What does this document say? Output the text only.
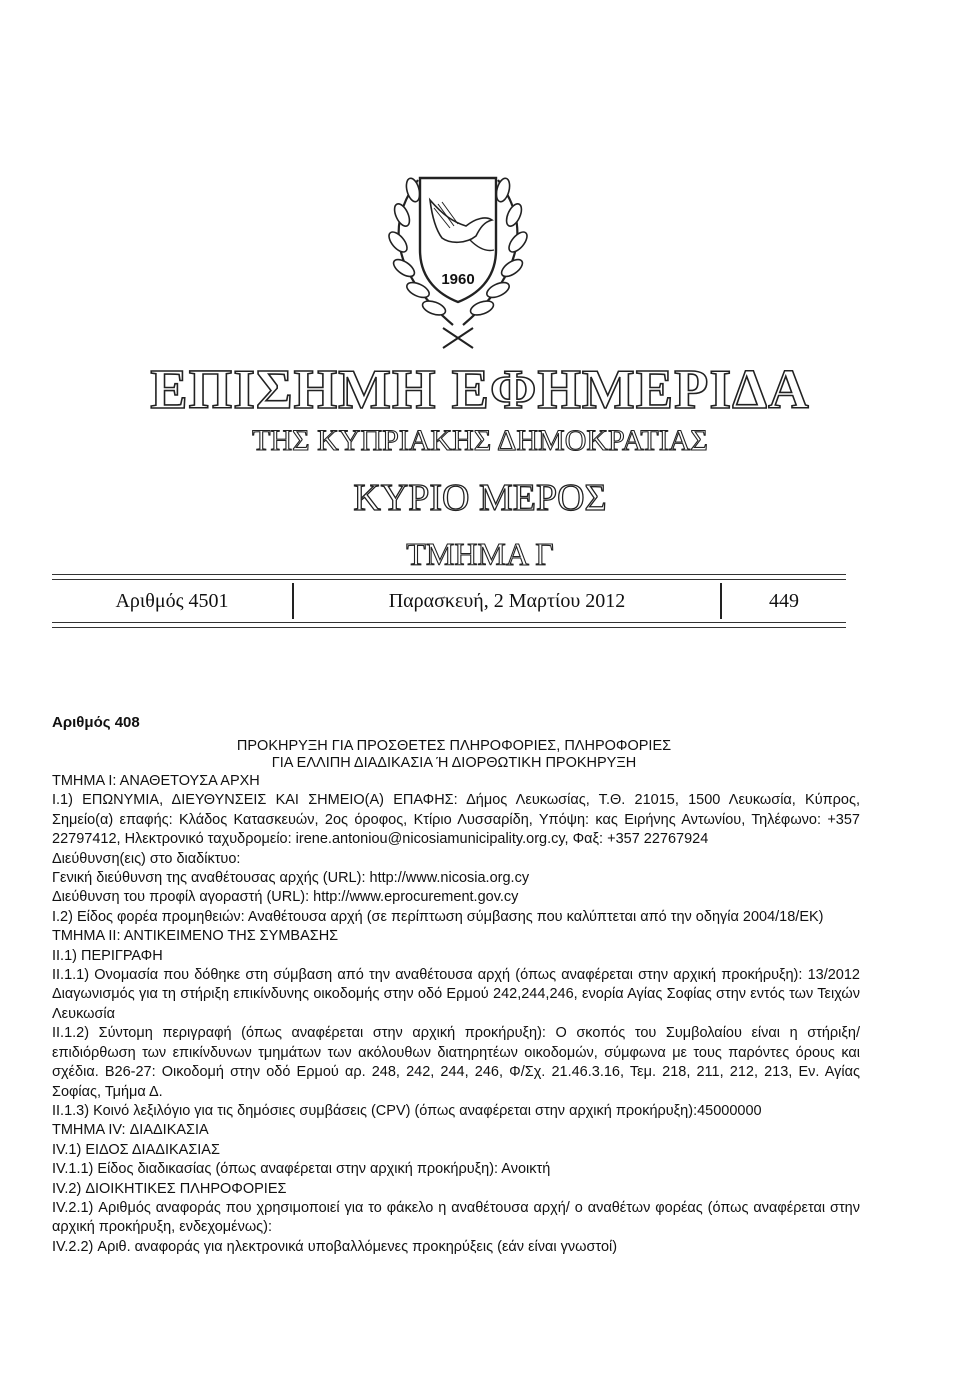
1960
ΕΠΙΣΗΜΗ ΕΦΗΜΕΡΙΔΑ
ΤΗΣ ΚΥΠΡΙΑΚΗΣ ΔΗΜΟΚΡΑΤΙΑΣ
ΚΥΡΙΟ ΜΕΡΟΣ
ΤΜΗΜΑ Γ
Αριθμός 4501	Παρασκευή, 2 Μαρτίου 2012	449
Αριθμός 408
ΠΡΟΚΗΡΥΞΗ ΓΙΑ ΠΡΟΣΘΕΤΕΣ ΠΛΗΡΟΦΟΡΙΕΣ, ΠΛΗΡΟΦΟΡΙΕΣ
ΓΙΑ ΕΛΛΙΠΗ ΔΙΑΔΙΚΑΣΙΑ Ή ΔΙΟΡΘΩΤΙΚΗ ΠΡΟΚΗΡΥΞΗ

ΤΜΗΜΑ Ι: ΑΝΑΘΕΤΟΥΣΑ ΑΡΧΗ

Ι.1) ΕΠΩΝΥΜΙΑ, ΔΙΕΥΘΥΝΣΕΙΣ ΚΑΙ ΣΗΜΕΙΟ(Α) ΕΠΑΦΗΣ: Δήμος Λευκωσίας, Τ.Θ. 21015, 1500 Λευκωσία, Κύπρος, Σημείο(α) επαφής: Κλάδος Κατασκευών, 2ος όροφος, Κτίριο Λυσσαρίδη, Υπόψη: κας Ειρήνης Αντωνίου, Τηλέφωνο: +357 22797412, Ηλεκτρονικό ταχυδρομείο: irene.antoniou@nicosiamunicipality.org.cy, Φαξ: +357 22767924

Διεύθυνση(εις) στο διαδίκτυο:

Γενική διεύθυνση της αναθέτουσας αρχής (URL): http://www.nicosia.org.cy

Διεύθυνση του προφίλ αγοραστή (URL): http://www.eprocurement.gov.cy

Ι.2) Είδος φορέα προμηθειών: Αναθέτουσα αρχή (σε περίπτωση σύμβασης που καλύπτεται από την οδηγία 2004/18/ΕΚ)

ΤΜΗΜΑ ΙΙ: ΑΝΤΙΚΕΙΜΕΝΟ ΤΗΣ ΣΥΜΒΑΣΗΣ

ΙΙ.1) ΠΕΡΙΓΡΑΦΗ

ΙΙ.1.1) Ονομασία που δόθηκε στη σύμβαση από την αναθέτουσα αρχή (όπως αναφέρεται στην αρχική προκήρυξη): 13/2012 Διαγωνισμός για τη στήριξη επικίνδυνης οικοδομής στην οδό Ερμού 242,244,246, ενορία Αγίας Σοφίας στην εντός των Τειχών Λευκωσία

ΙΙ.1.2) Σύντομη περιγραφή (όπως αναφέρεται στην αρχική προκήρυξη): Ο σκοπός του Συμβολαίου είναι η στήριξη/ επιδιόρθωση των επικίνδυνων τμημάτων των ακόλουθων διατηρητέων οικοδομών, σύμφωνα με τους παρόντες όρους και σχέδια. Β26-27: Οικοδομή στην οδό Ερμού αρ. 248, 242, 244, 246, Φ/Σχ. 21.46.3.16, Τεμ. 218, 211, 212, 213, Εν. Αγίας Σοφίας, Τμήμα Δ.

ΙΙ.1.3) Κοινό λεξιλόγιο για τις δημόσιες συμβάσεις (CPV) (όπως αναφέρεται στην αρχική προκήρυξη):45000000

ΤΜΗΜΑ IV: ΔΙΑΔΙΚΑΣΙΑ

IV.1) ΕΙΔΟΣ ΔΙΑΔΙΚΑΣΙΑΣ

IV.1.1) Είδος διαδικασίας (όπως αναφέρεται στην αρχική προκήρυξη): Ανοικτή

IV.2) ΔΙΟΙΚΗΤΙΚΕΣ ΠΛΗΡΟΦΟΡΙΕΣ

IV.2.1) Αριθμός αναφοράς που χρησιμοποιεί για το φάκελο η αναθέτουσα αρχή/ ο αναθέτων φορέας (όπως αναφέρεται στην αρχική προκήρυξη, ενδεχομένως):

IV.2.2) Αριθ. αναφοράς για ηλεκτρονικά υποβαλλόμενες προκηρύξεις (εάν είναι γνωστοί)
